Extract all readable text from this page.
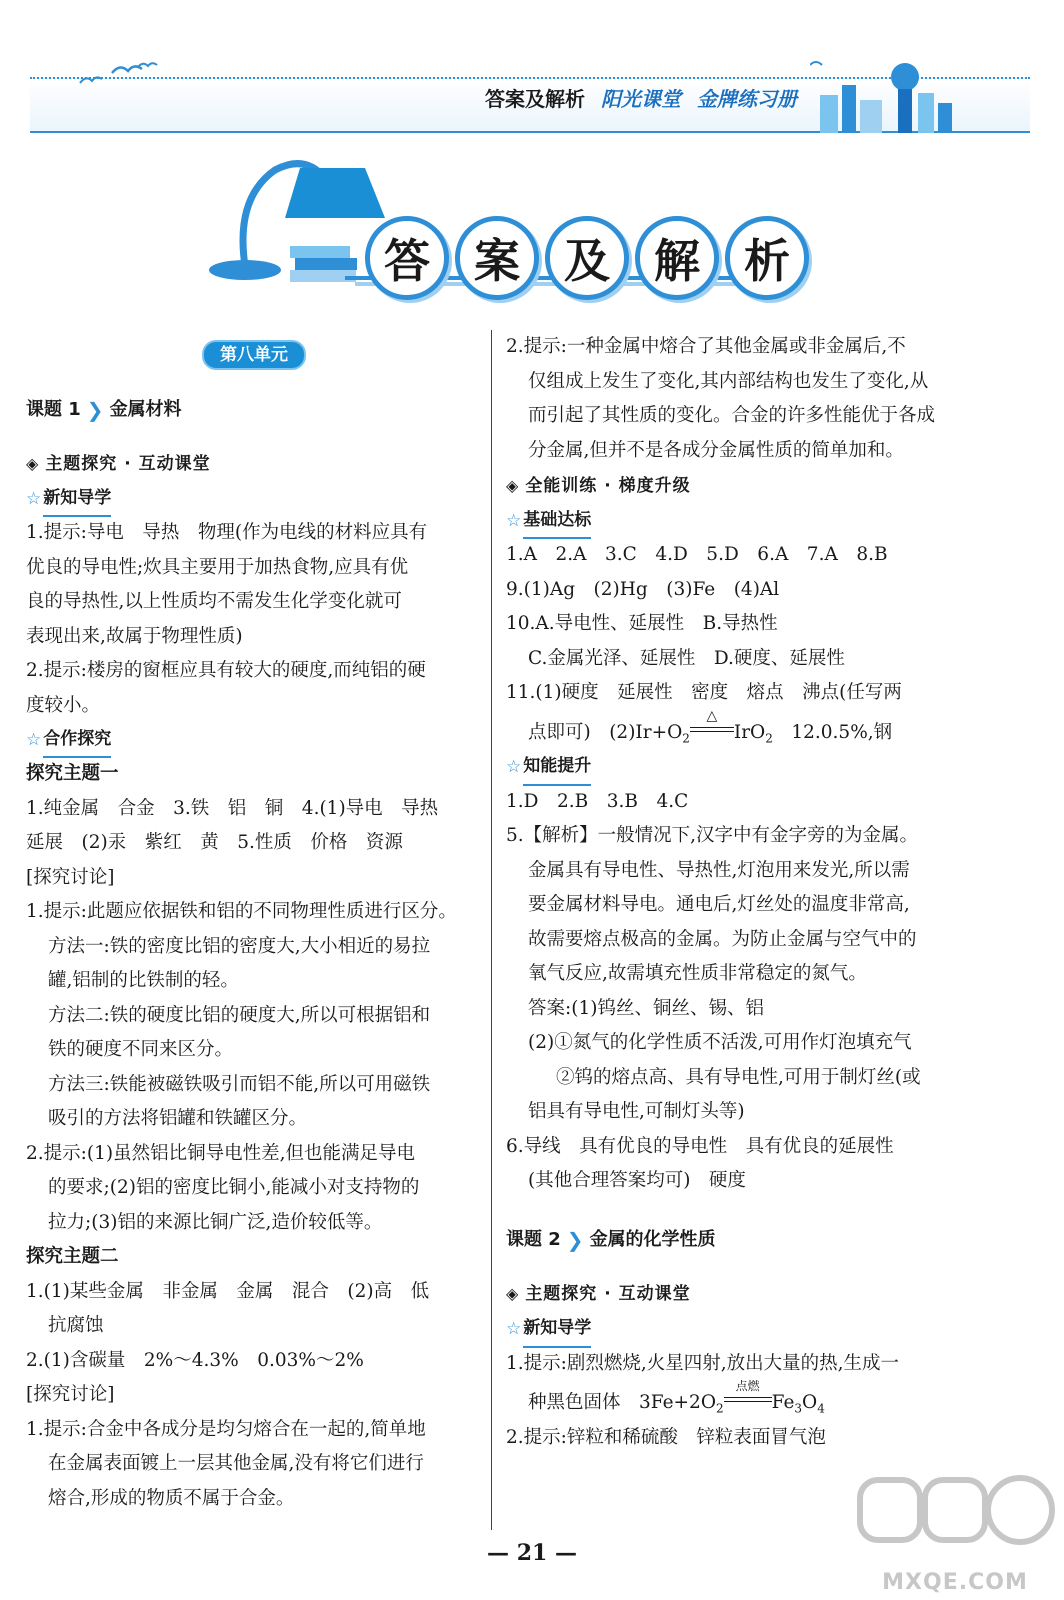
答案及解析 阳光课堂 金牌练习册
答 案 及 解 析
第八单元
课题 1 ❯ 金属材料
◈ 主题探究 · 互动课堂
☆ 新知导学
1.提示:导电　导热　物理(作为电线的材料应具有
优良的导电性;炊具主要用于加热食物,应具有优
良的导热性,以上性质均不需发生化学变化就可
表现出来,故属于物理性质)
2.提示:楼房的窗框应具有较大的硬度,而纯铝的硬
度较小。
☆ 合作探究
探究主题一
1.纯金属　合金　3.铁　铝　铜　4.(1)导电　导热
延展　(2)汞　紫红　黄　5.性质　价格　资源
[探究讨论]
1.提示:此题应依据铁和铝的不同物理性质进行区分。
方法一:铁的密度比铝的密度大,大小相近的易拉
罐,铝制的比铁制的轻。
方法二:铁的硬度比铝的硬度大,所以可根据铝和
铁的硬度不同来区分。
方法三:铁能被磁铁吸引而铝不能,所以可用磁铁
吸引的方法将铝罐和铁罐区分。
2.提示:(1)虽然铝比铜导电性差,但也能满足导电
的要求;(2)铝的密度比铜小,能减小对支持物的
拉力;(3)铝的来源比铜广泛,造价较低等。
探究主题二
1.(1)某些金属　非金属　金属　混合　(2)高　低
抗腐蚀
2.(1)含碳量　2%～4.3%　0.03%～2%
[探究讨论]
1.提示:合金中各成分是均匀熔合在一起的,简单地
在金属表面镀上一层其他金属,没有将它们进行
熔合,形成的物质不属于合金。
2.提示:一种金属中熔合了其他金属或非金属后,不
仅组成上发生了变化,其内部结构也发生了变化,从
而引起了其性质的变化。合金的许多性能优于各成
分金属,但并不是各成分金属性质的简单加和。
◈ 全能训练 · 梯度升级
☆ 基础达标
1.A　2.A　3.C　4.D　5.D　6.A　7.A　8.B
9.(1)Ag　(2)Hg　(3)Fe　(4)Al
10.A.导电性、延展性　B.导热性
C.金属光泽、延展性　D.硬度、延展性
11.(1)硬度　延展性　密度　熔点　沸点(任写两
点即可)　$(2)Ir+O_2$
△
IrO$_2$　12.0.5%,钢
☆ 知能提升
1.D　2.B　3.B　4.C
5.【解析】一般情况下,汉字中有金字旁的为金属。
金属具有导电性、导热性,灯泡用来发光,所以需
要金属材料导电。通电后,灯丝处的温度非常高,
故需要熔点极高的金属。为防止金属与空气中的
氧气反应,故需填充性质非常稳定的氮气。
答案:(1)钨丝、铜丝、锡、铝
(2)①氮气的化学性质不活泼,可用作灯泡填充气
②钨的熔点高、具有导电性,可用于制灯丝(或
铝具有导电性,可制灯头等)
6.导线　具有优良的导电性　具有优良的延展性
(其他合理答案均可)　硬度
课题 2 ❯ 金属的化学性质
◈ 主题探究 · 互动课堂
☆ 新知导学
1.提示:剧烈燃烧,火星四射,放出大量的热,生成一
种黑色固体　$3Fe+2O_2$
点燃
$Fe_3O_4$
2.提示:锌粒和稀硫酸　锌粒表面冒气泡
— 21 —
MXQE.COM
